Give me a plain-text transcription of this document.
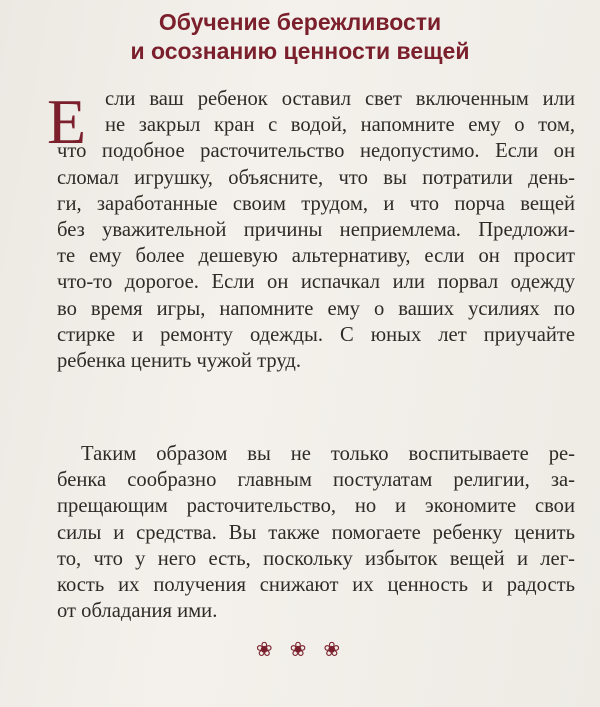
Обучение бережливости
и осознанию ценности вещей
Е сли ваш ребенок оставил свет включенным или
не закрыл кран с водой, напомните ему о том,
что подобное расточительство недопустимо. Если он
сломал игрушку, объясните, что вы потратили день-
ги, заработанные своим трудом, и что порча вещей
без уважительной причины неприемлема. Предложи-
те ему более дешевую альтернативу, если он просит
что-то дорогое. Если он испачкал или порвал одежду
во время игры, напомните ему о ваших усилиях по
стирке и ремонту одежды. С юных лет приучайте
ребенка ценить чужой труд.
Таким образом вы не только воспитываете ре-
бенка сообразно главным постулатам религии, за-
прещающим расточительство, но и экономите свои
силы и средства. Вы также помогаете ребенку ценить
то, что у него есть, поскольку избыток вещей и лег-
кость их получения снижают их ценность и радость
от обладания ими.
❀ ❀ ❀
